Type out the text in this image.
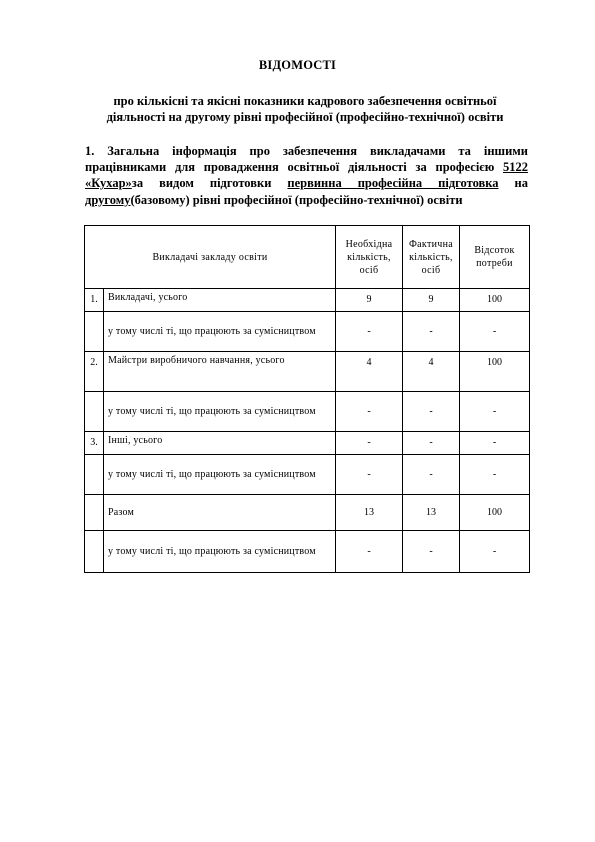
ВІДОМОСТІ
про кількісні та якісні показники кадрового забезпечення освітньої
діяльності на другому рівні професійної (професійно-технічної) освіти
1. Загальна інформація про забезпечення викладачами та іншими працівниками для провадження освітньої діяльності за професією 5122 «Кухар»за видом підготовки первинна професійна підготовка на другому(базовому) рівні професійної (професійно-технічної) освіти
Викладачі закладу освіти		Необхідна кількість, осіб	Фактична кількість, осіб	Відсоток потреби
1.	Викладачі, усього	9	9	100
	у тому числі ті, що працюють за сумісництвом	-	-	-
2.	Майстри виробничого навчання, усього	4	4	100
	у тому числі ті, що працюють за сумісництвом	-	-	-
3.	Інші, усього	-	-	-
	у тому числі ті, що працюють за сумісництвом	-	-	-
	Разом	13	13	100
	у тому числі ті, що працюють за сумісництвом	-	-	-
